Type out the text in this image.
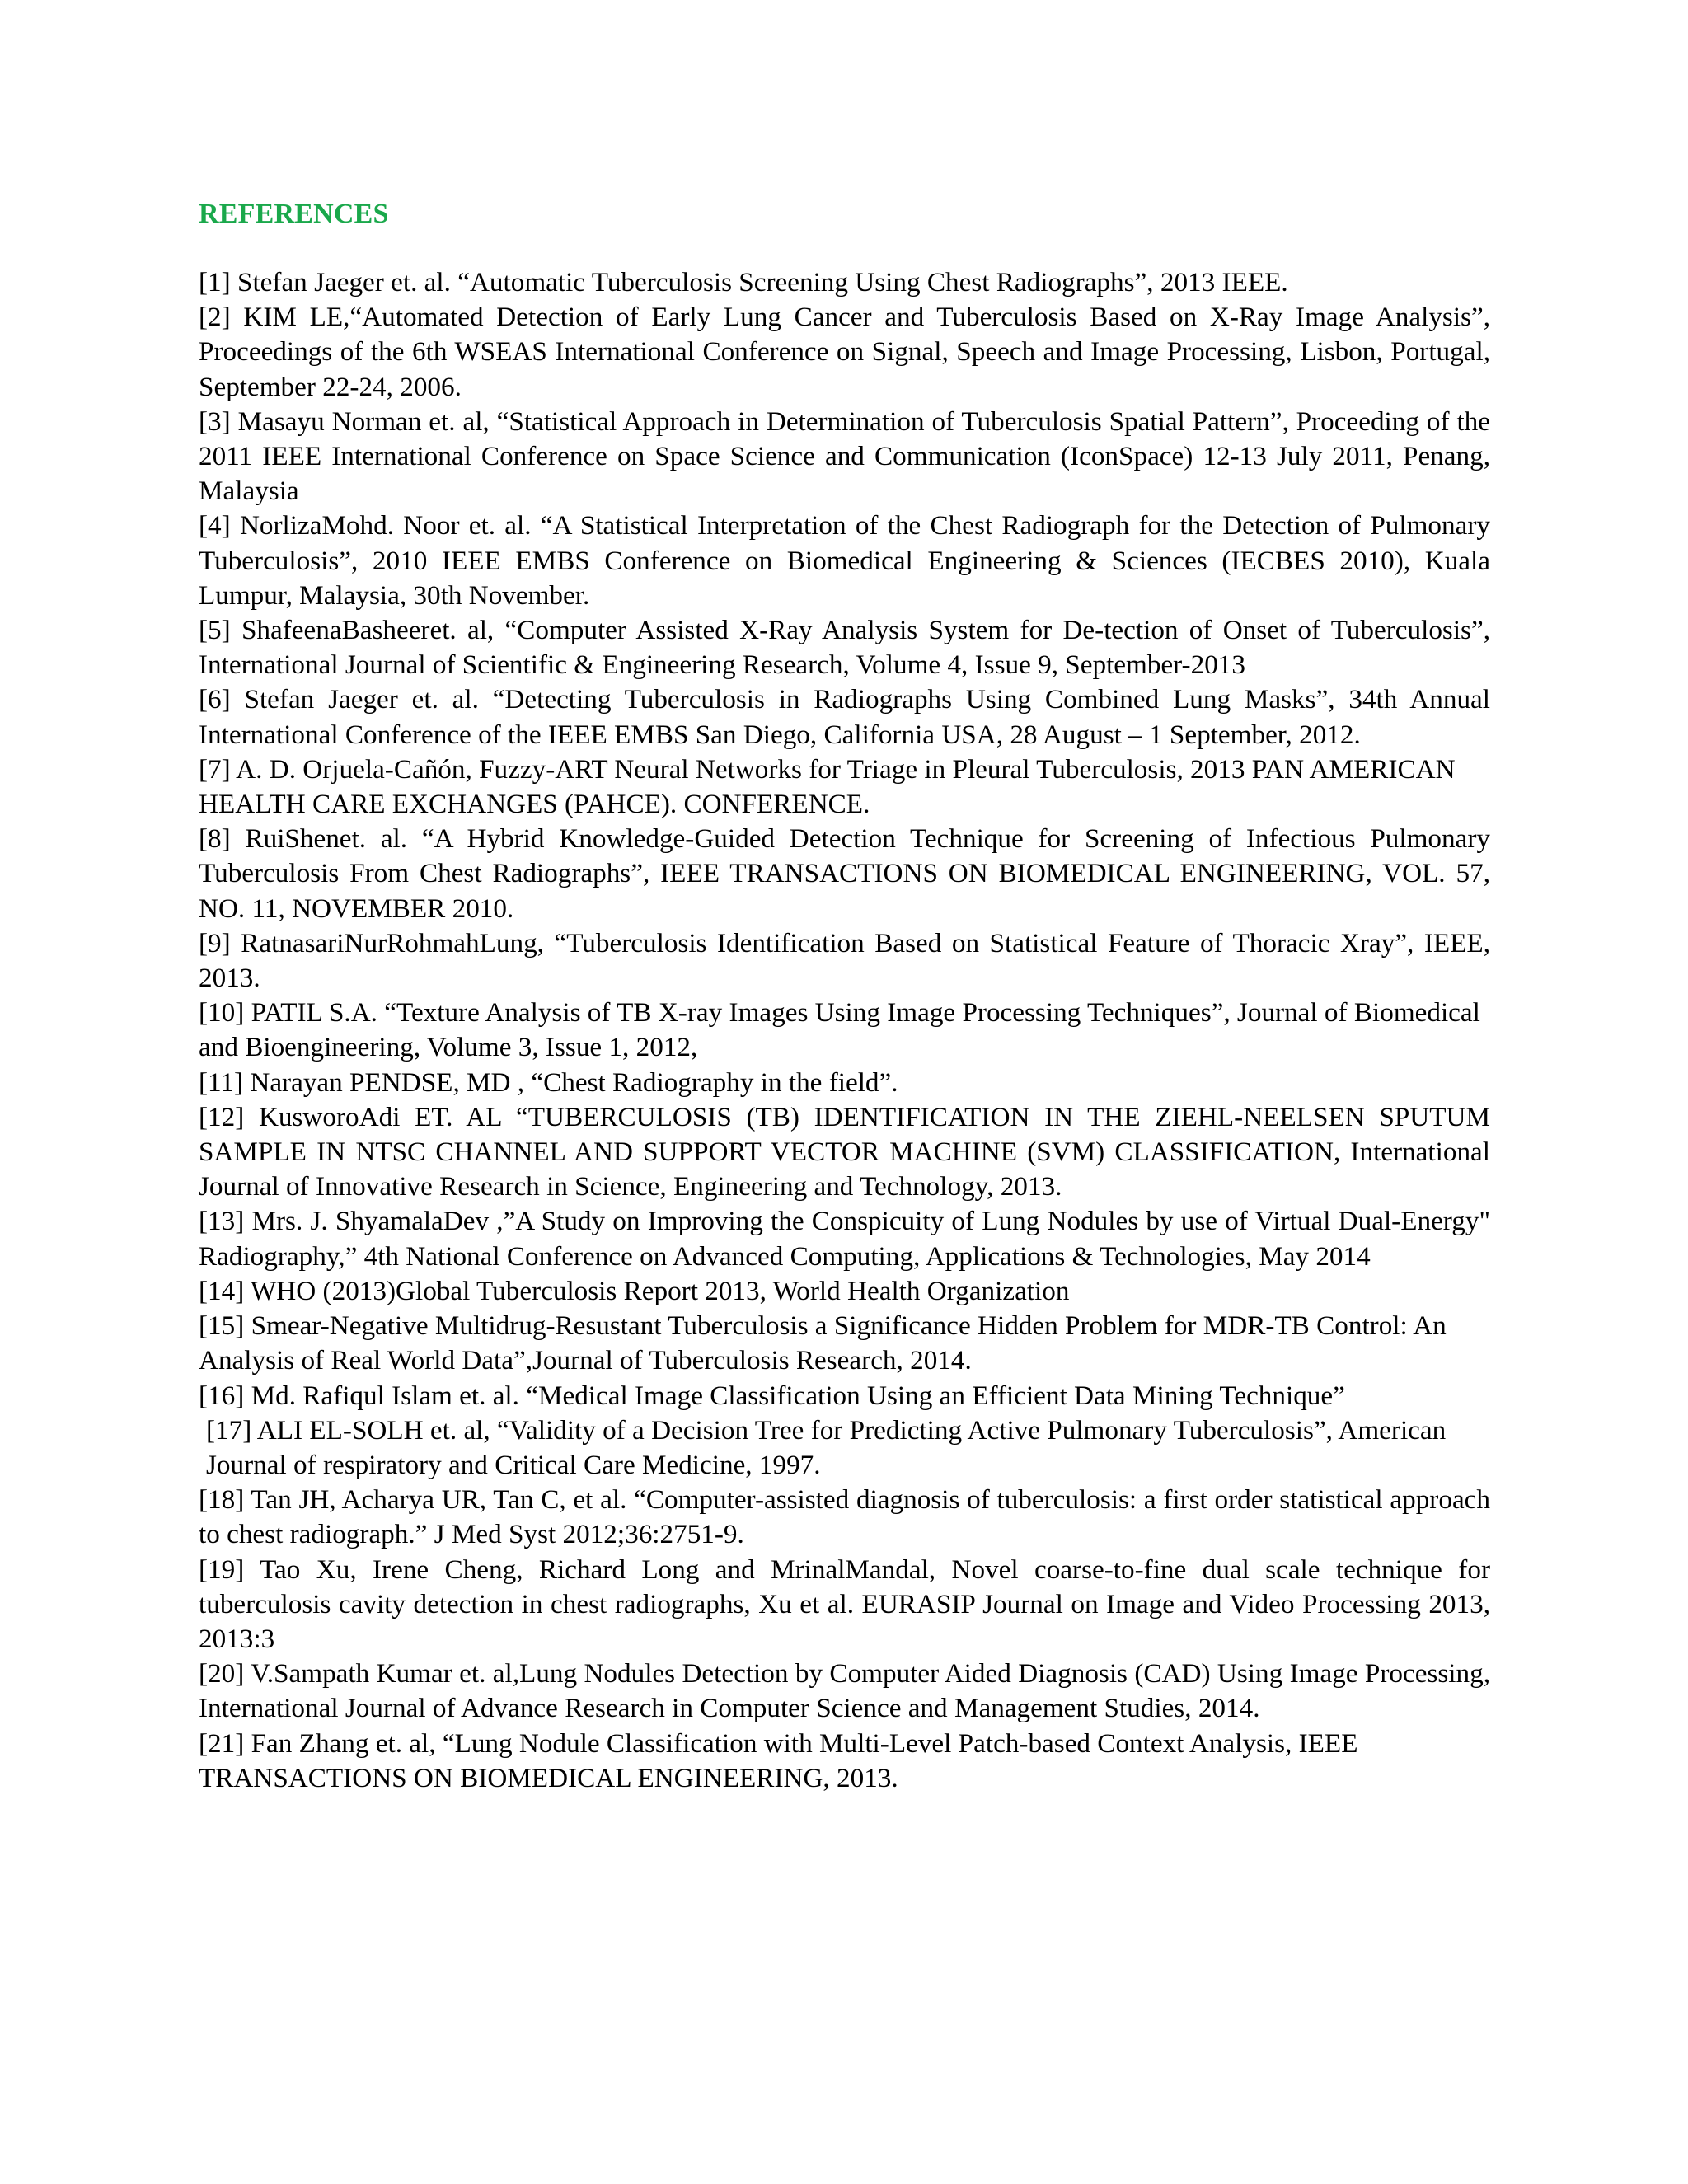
REFERENCES
[1] Stefan Jaeger et. al. “Automatic Tuberculosis Screening Using Chest Radiographs”, 2013 IEEE.
[2] KIM LE,“Automated Detection of Early Lung Cancer and Tuberculosis Based on X-Ray Image Analysis”, Proceedings of the 6th WSEAS International Conference on Signal, Speech and Image Processing, Lisbon, Portugal, September 22-24, 2006.
[3] Masayu Norman et. al, “Statistical Approach in Determination of Tuberculosis Spatial Pattern”, Proceeding of the 2011 IEEE International Conference on Space Science and Communication (IconSpace) 12-13 July 2011, Penang, Malaysia
[4] NorlizaMohd. Noor et. al. “A Statistical Interpretation of the Chest Radiograph for the Detection of Pulmonary Tuberculosis”, 2010 IEEE EMBS Conference on Biomedical Engineering & Sciences (IECBES 2010), Kuala Lumpur, Malaysia, 30th November.
[5] ShafeenaBasheeret. al, “Computer Assisted X-Ray Analysis System for De-tection of Onset of Tuberculosis”, International Journal of Scientific & Engineering Research, Volume 4, Issue 9, September-2013
[6] Stefan Jaeger et. al. “Detecting Tuberculosis in Radiographs Using Combined Lung Masks”, 34th Annual International Conference of the IEEE EMBS San Diego, California USA, 28 August – 1 September, 2012.
[7] A. D. Orjuela-Cañón, Fuzzy-ART Neural Networks for Triage in Pleural Tuberculosis, 2013 PAN AMERICAN HEALTH CARE EXCHANGES (PAHCE). CONFERENCE.
[8] RuiShenet. al. “A Hybrid Knowledge-Guided Detection Technique for Screening of Infectious Pulmonary Tuberculosis From Chest Radiographs”, IEEE TRANSACTIONS ON BIOMEDICAL ENGINEERING, VOL. 57, NO. 11, NOVEMBER 2010.
[9] RatnasariNurRohmahLung, “Tuberculosis Identification Based on Statistical Feature of Thoracic Xray”, IEEE, 2013.
[10] PATIL S.A. “Texture Analysis of TB X-ray Images Using Image Processing Techniques”, Journal of Biomedical and Bioengineering, Volume 3, Issue 1, 2012,
[11] Narayan PENDSE, MD , “Chest Radiography in the field”.
[12] KusworoAdi ET. AL “TUBERCULOSIS (TB) IDENTIFICATION IN THE ZIEHL-NEELSEN SPUTUM SAMPLE IN NTSC CHANNEL AND SUPPORT VECTOR MACHINE (SVM) CLASSIFICATION, International Journal of Innovative Research in Science, Engineering and Technology, 2013.
[13] Mrs. J. ShyamalaDev ,”A Study on Improving the Conspicuity of Lung Nodules by use of Virtual Dual-Energy" Radiography,” 4th National Conference on Advanced Computing, Applications & Technologies, May 2014
[14] WHO (2013)Global Tuberculosis Report 2013, World Health Organization
[15] Smear-Negative Multidrug-Resustant Tuberculosis a Significance Hidden Problem for MDR-TB Control: An Analysis of Real World Data”,Journal of Tuberculosis Research, 2014.
[16] Md. Rafiqul Islam et. al. “Medical Image Classification Using an Efficient Data Mining Technique”
[17] ALI EL-SOLH et. al, “Validity of a Decision Tree for Predicting Active Pulmonary Tuberculosis”, American Journal of respiratory and Critical Care Medicine, 1997.
[18] Tan JH, Acharya UR, Tan C, et al. “Computer-assisted diagnosis of tuberculosis: a first order statistical approach to chest radiograph.” J Med Syst 2012;36:2751-9.
[19] Tao Xu, Irene Cheng, Richard Long and MrinalMandal, Novel coarse-to-fine dual scale technique for tuberculosis cavity detection in chest radiographs, Xu et al. EURASIP Journal on Image and Video Processing 2013, 2013:3
[20] V.Sampath Kumar et. al,Lung Nodules Detection by Computer Aided Diagnosis (CAD) Using Image Processing, International Journal of Advance Research in Computer Science and Management Studies, 2014.
[21] Fan Zhang et. al, “Lung Nodule Classification with Multi-Level Patch-based Context Analysis, IEEE TRANSACTIONS ON BIOMEDICAL ENGINEERING, 2013.
